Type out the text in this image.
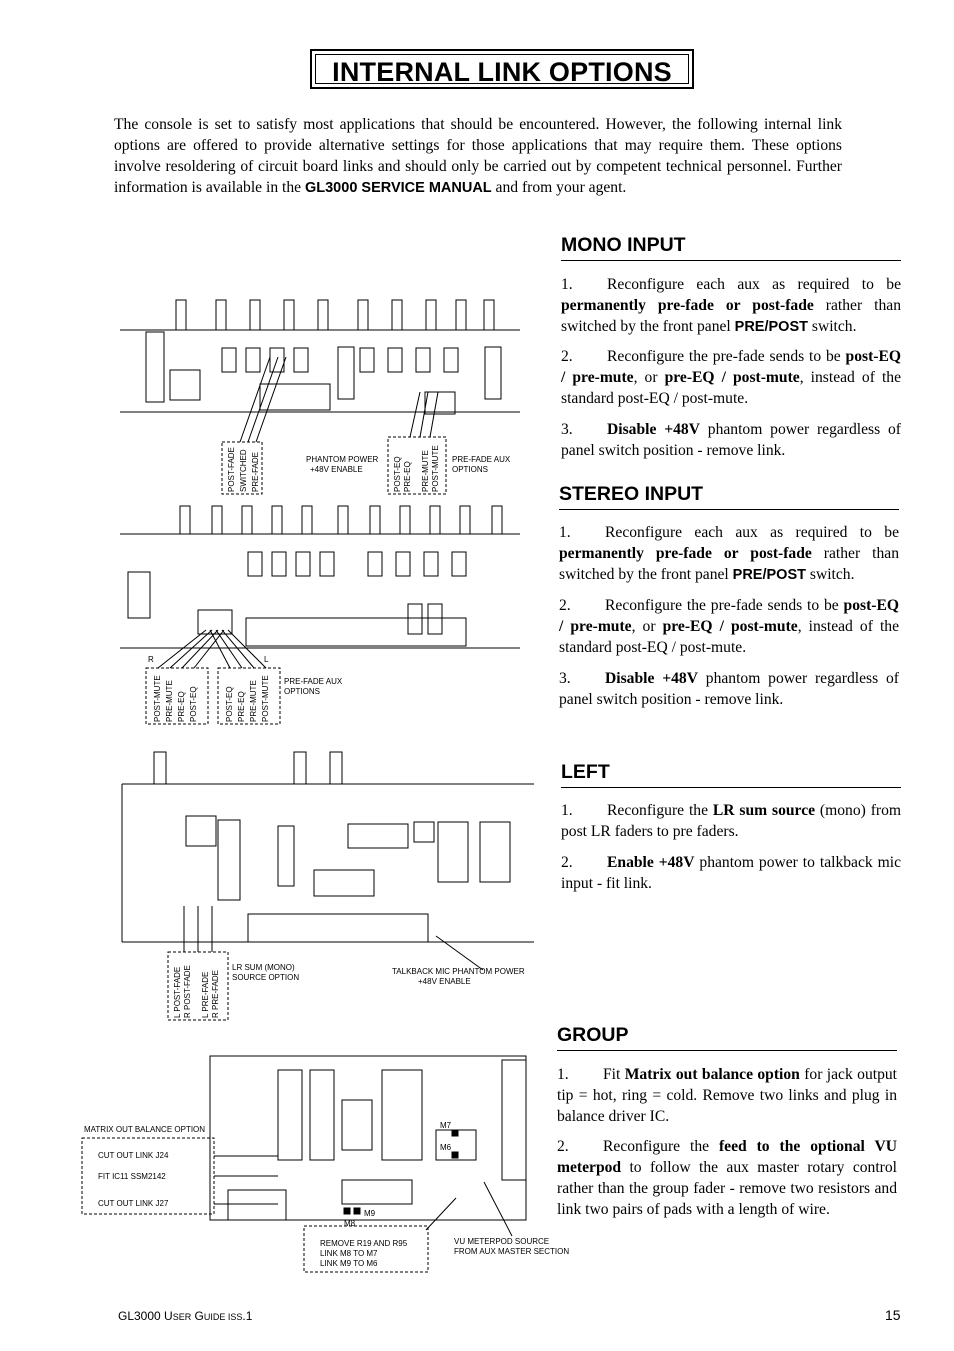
INTERNAL LINK OPTIONS
The console is set to satisfy most applications that should be encountered. However, the following internal link options are offered to provide alternative settings for those applications that may require them. These options involve resoldering of circuit board links and should only be carried out by competent technical personnel. Further information is available in the GL3000 SERVICE MANUAL and from your agent.
MONO INPUT
1. Reconfigure each aux as required to be permanently pre-fade or post-fade rather than switched by the front panel PRE/POST switch.
2. Reconfigure the pre-fade sends to be post-EQ / pre-mute, or pre-EQ / post-mute, instead of the standard post-EQ / post-mute.
3. Disable +48V phantom power regardless of panel switch position - remove link.
STEREO INPUT
1. Reconfigure each aux as required to be permanently pre-fade or post-fade rather than switched by the front panel PRE/POST switch.
2. Reconfigure the pre-fade sends to be post-EQ / pre-mute, or pre-EQ / post-mute, instead of the standard post-EQ / post-mute.
3. Disable +48V phantom power regardless of panel switch position - remove link.
LEFT
1. Reconfigure the LR sum source (mono) from post LR faders to pre faders.
2. Enable +48V phantom power to talkback mic input - fit link.
GROUP
1. Fit Matrix out balance option for jack output tip = hot, ring = cold. Remove two links and plug in balance driver IC.
2. Reconfigure the feed to the optional VU meterpod to follow the aux master rotary control rather than the group fader - remove two resistors and link two pairs of pads with a length of wire.
POST-FADE SWITCHED PRE-FADE	PHANTOM POWER
+48V ENABLE	POST-EQ PRE-EQ PRE-MUTE POST-MUTE PRE-FADE AUX
OPTIONS
R	L
POST-MUTE PRE-MUTE PRE-EQ POST-EQ	POST-EQ PRE-EQ PRE-MUTE POST-MUTE PRE-FADE AUX
OPTIONS
L POST-FADE R POST-FADE L PRE-FADE R PRE-FADE
LR SUM (MONO)
SOURCE OPTION
TALKBACK MIC PHANTOM POWER
+48V ENABLE
MATRIX OUT BALANCE OPTION
CUT OUT LINK J24
FIT IC11 SSM2142
CUT OUT LINK J27
REMOVE R19 AND R95
LINK M8 TO M7
LINK M9 TO M6
VU METERPOD SOURCE
FROM AUX MASTER SECTION
M7
M6
M8
M9
GL3000 USER GUIDE ISS.1	15
